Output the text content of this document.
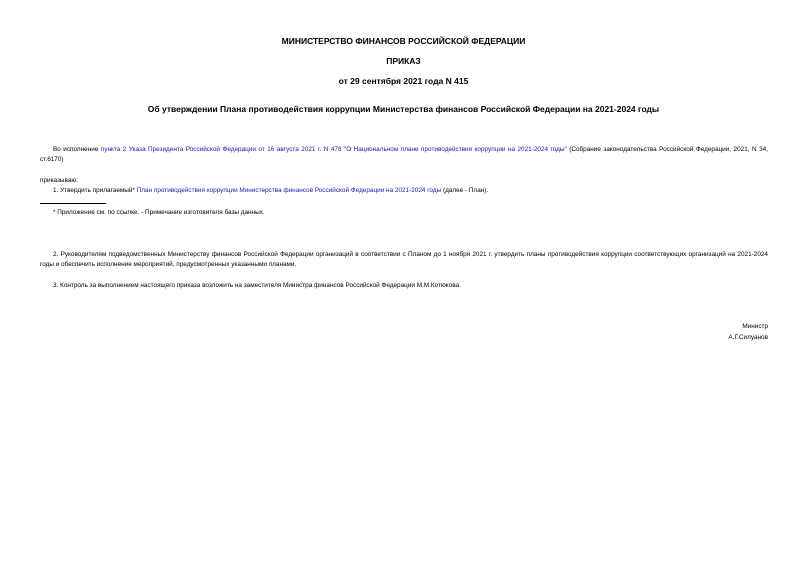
МИНИСТЕРСТВО ФИНАНСОВ РОССИЙСКОЙ ФЕДЕРАЦИИ
ПРИКАЗ
от 29 сентября 2021 года N 415
Об утверждении Плана противодействия коррупции Министерства финансов Российской Федерации на 2021-2024 годы
Во исполнение пункта 2 Указа Президента Российской Федерации от 16 августа 2021 г. N 478 "О Национальном плане противодействия коррупции на 2021-2024 годы" (Собрание законодательства Российской Федерации, 2021, N 34, ст.6170)
приказываю:
1. Утвердить прилагаемый* План противодействия коррупции Министерства финансов Российской Федерации на 2021-2024 годы (далее - План).
* Приложение см. по ссылке. - Примечание изготовителя базы данных.
2. Руководителям подведомственных Министерству финансов Российской Федерации организаций в соответствии с Планом до 1 ноября 2021 г. утвердить планы противодействия коррупции соответствующих организаций на 2021-2024 годы и обеспечить исполнение мероприятий, предусмотренных указанными планами.
3. Контроль за выполнением настоящего приказа возложить на заместителя Министра финансов Российской Федерации М.М.Котюкова.
Министр
А.Г.Силуанов
